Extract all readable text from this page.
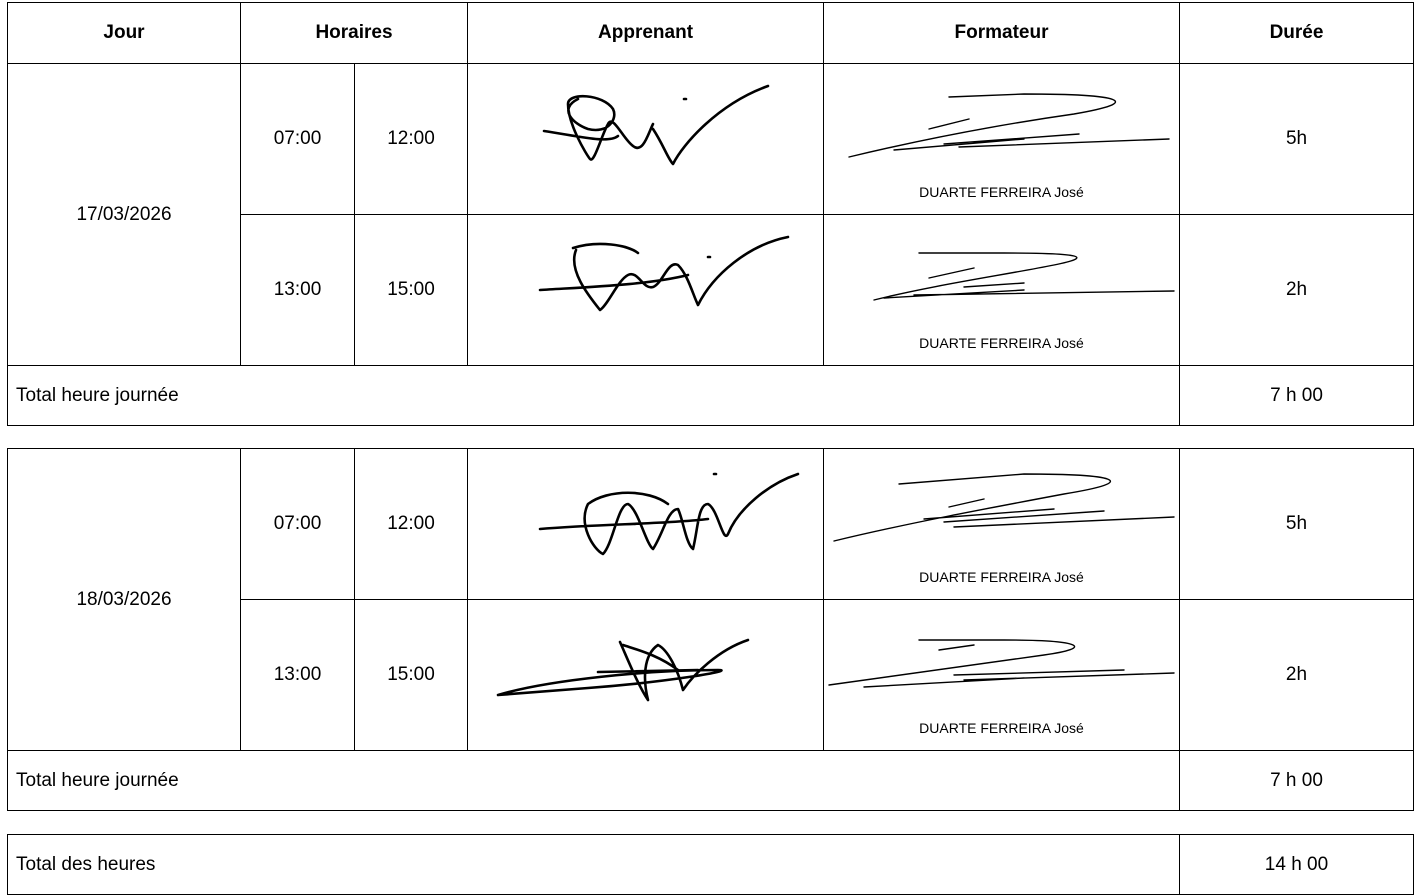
Jour	Horaires		Apprenant	Formateur	Durée
17/03/2026	07:00	12:00		DUARTE FERREIRA José	5h
	13:00	15:00		DUARTE FERREIRA José	2h
Total heure journée					7 h 00
18/03/2026	07:00	12:00		DUARTE FERREIRA José	5h
	13:00	15:00		DUARTE FERREIRA José	2h
Total heure journée					7 h 00
Total des heures	14 h 00
